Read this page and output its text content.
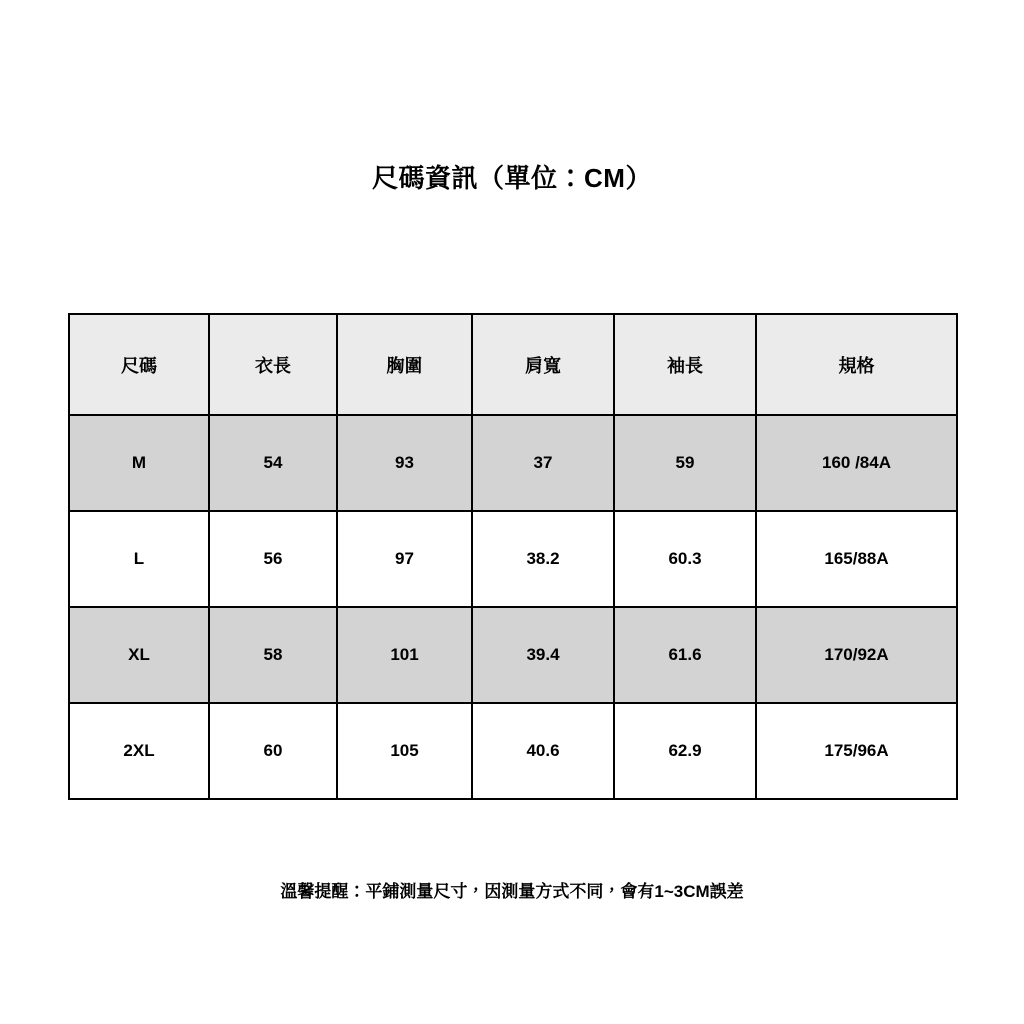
尺碼資訊（單位：CM）
尺碼	衣長	胸圍	肩寬	袖長	規格
M	54	93	37	59	160 /84A
L	56	97	38.2	60.3	165/88A
XL	58	101	39.4	61.6	170/92A
2XL	60	105	40.6	62.9	175/96A
溫馨提醒：平鋪測量尺寸，因測量方式不同，會有1~3CM誤差
